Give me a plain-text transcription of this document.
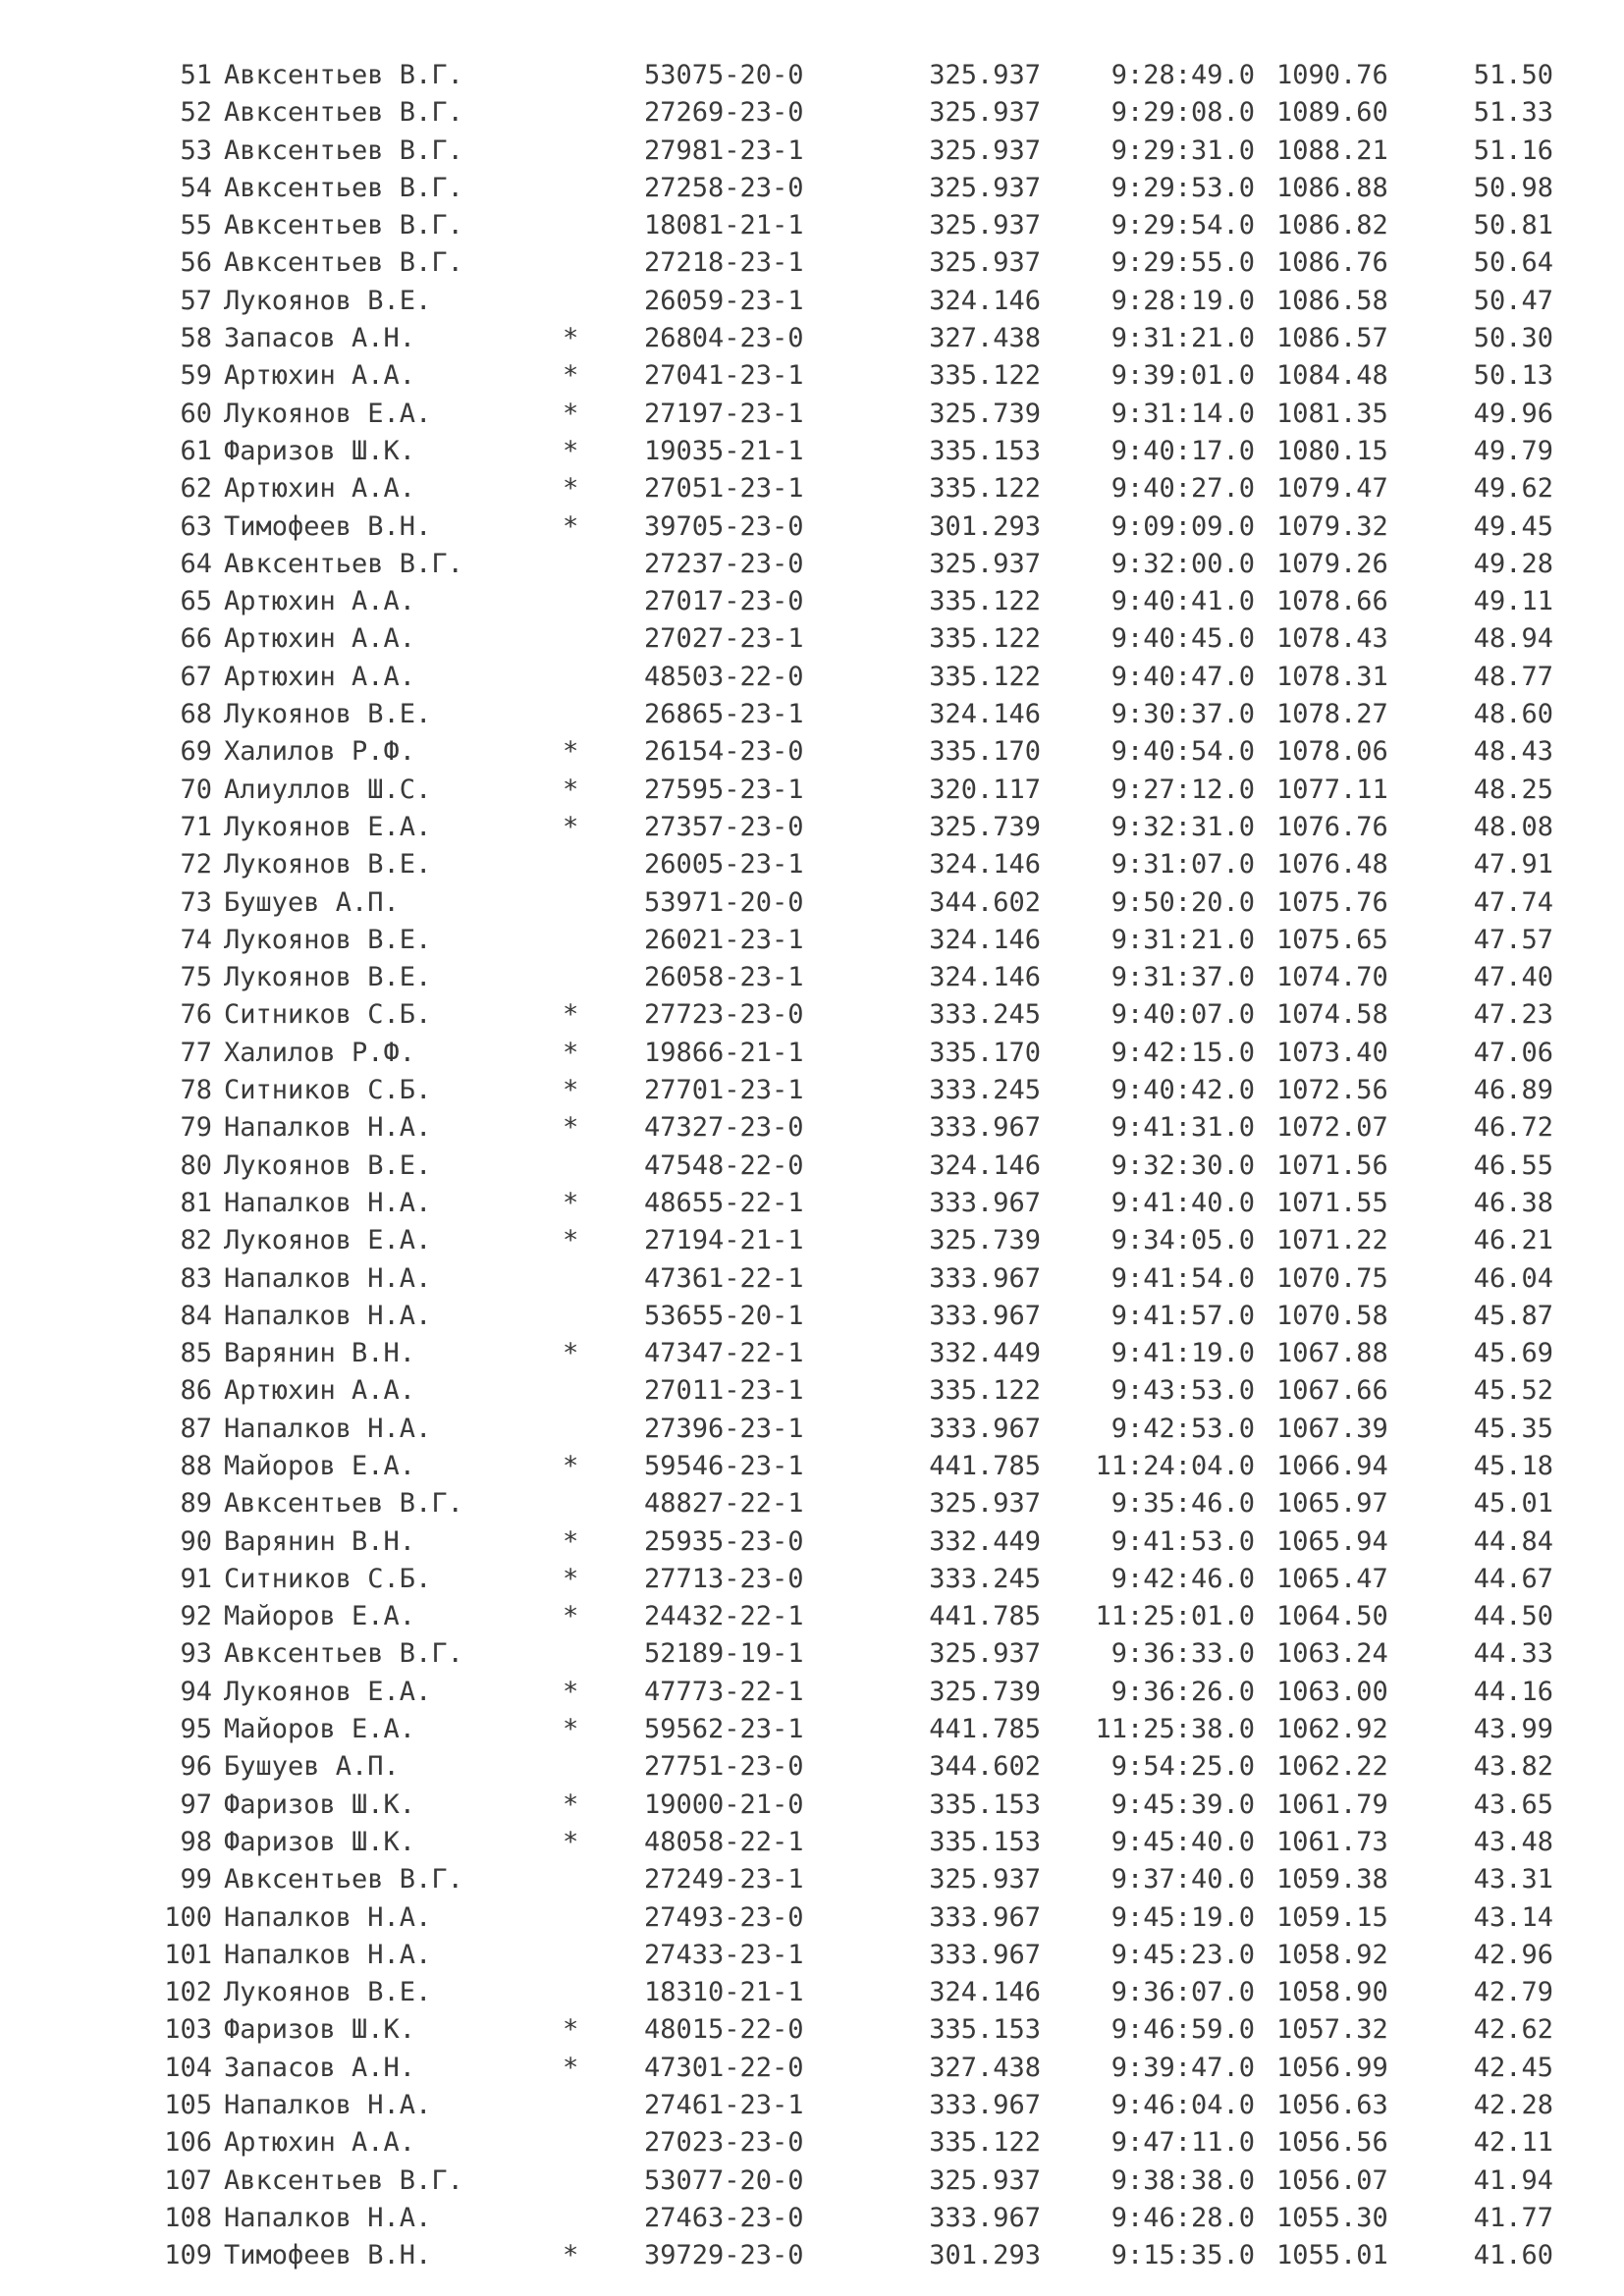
51 Авксентьев В.Г.	53075-20-0	325.937	9:28:49.0 1090.76	51.50
52 Авксентьев В.Г.	27269-23-0	325.937	9:29:08.0 1089.60	51.33
53 Авксентьев В.Г.	27981-23-1	325.937	9:29:31.0 1088.21	51.16
54 Авксентьев В.Г.	27258-23-0	325.937	9:29:53.0 1086.88	50.98
55 Авксентьев В.Г.	18081-21-1	325.937	9:29:54.0 1086.82	50.81
56 Авксентьев В.Г.	27218-23-1	325.937	9:29:55.0 1086.76	50.64
57 Лукоянов В.Е.	26059-23-1	324.146	9:28:19.0 1086.58	50.47
58 Запасов А.Н.	* 26804-23-0	327.438	9:31:21.0 1086.57	50.30
59 Артюхин А.А.	* 27041-23-1	335.122	9:39:01.0 1084.48	50.13
60 Лукоянов Е.А.	* 27197-23-1	325.739	9:31:14.0 1081.35	49.96
61 Фаризов Ш.К.	* 19035-21-1	335.153	9:40:17.0 1080.15	49.79
62 Артюхин А.А.	* 27051-23-1	335.122	9:40:27.0 1079.47	49.62
63 Тимофеев В.Н.	* 39705-23-0	301.293	9:09:09.0 1079.32	49.45
64 Авксентьев В.Г.	27237-23-0	325.937	9:32:00.0 1079.26	49.28
65 Артюхин А.А.	27017-23-0	335.122	9:40:41.0 1078.66	49.11
66 Артюхин А.А.	27027-23-1	335.122	9:40:45.0 1078.43	48.94
67 Артюхин А.А.	48503-22-0	335.122	9:40:47.0 1078.31	48.77
68 Лукоянов В.Е.	26865-23-1	324.146	9:30:37.0 1078.27	48.60
69 Халилов Р.Ф.	* 26154-23-0	335.170	9:40:54.0 1078.06	48.43
70 Алиуллов Ш.С.	* 27595-23-1	320.117	9:27:12.0 1077.11	48.25
71 Лукоянов Е.А.	* 27357-23-0	325.739	9:32:31.0 1076.76	48.08
72 Лукоянов В.Е.	26005-23-1	324.146	9:31:07.0 1076.48	47.91
73 Бушуев А.П.	53971-20-0	344.602	9:50:20.0 1075.76	47.74
74 Лукоянов В.Е.	26021-23-1	324.146	9:31:21.0 1075.65	47.57
75 Лукоянов В.Е.	26058-23-1	324.146	9:31:37.0 1074.70	47.40
76 Ситников С.Б.	* 27723-23-0	333.245	9:40:07.0 1074.58	47.23
77 Халилов Р.Ф.	* 19866-21-1	335.170	9:42:15.0 1073.40	47.06
78 Ситников С.Б.	* 27701-23-1	333.245	9:40:42.0 1072.56	46.89
79 Напалков Н.А.	* 47327-23-0	333.967	9:41:31.0 1072.07	46.72
80 Лукоянов В.Е.	47548-22-0	324.146	9:32:30.0 1071.56	46.55
81 Напалков Н.А.	* 48655-22-1	333.967	9:41:40.0 1071.55	46.38
82 Лукоянов Е.А.	* 27194-21-1	325.739	9:34:05.0 1071.22	46.21
83 Напалков Н.А.	47361-22-1	333.967	9:41:54.0 1070.75	46.04
84 Напалков Н.А.	53655-20-1	333.967	9:41:57.0 1070.58	45.87
85 Варянин В.Н.	* 47347-22-1	332.449	9:41:19.0 1067.88	45.69
86 Артюхин А.А.	27011-23-1	335.122	9:43:53.0 1067.66	45.52
87 Напалков Н.А.	27396-23-1	333.967	9:42:53.0 1067.39	45.35
88 Майоров Е.А.	* 59546-23-1	441.785	11:24:04.0 1066.94	45.18
89 Авксентьев В.Г.	48827-22-1	325.937	9:35:46.0 1065.97	45.01
90 Варянин В.Н.	* 25935-23-0	332.449	9:41:53.0 1065.94	44.84
91 Ситников С.Б.	* 27713-23-0	333.245	9:42:46.0 1065.47	44.67
92 Майоров Е.А.	* 24432-22-1	441.785	11:25:01.0 1064.50	44.50
93 Авксентьев В.Г.	52189-19-1	325.937	9:36:33.0 1063.24	44.33
94 Лукоянов Е.А.	* 47773-22-1	325.739	9:36:26.0 1063.00	44.16
95 Майоров Е.А.	* 59562-23-1	441.785	11:25:38.0 1062.92	43.99
96 Бушуев А.П.	27751-23-0	344.602	9:54:25.0 1062.22	43.82
97 Фаризов Ш.К.	* 19000-21-0	335.153	9:45:39.0 1061.79	43.65
98 Фаризов Ш.К.	* 48058-22-1	335.153	9:45:40.0 1061.73	43.48
99 Авксентьев В.Г.	27249-23-1	325.937	9:37:40.0 1059.38	43.31
100 Напалков Н.А.	27493-23-0	333.967	9:45:19.0 1059.15	43.14
101 Напалков Н.А.	27433-23-1	333.967	9:45:23.0 1058.92	42.96
102 Лукоянов В.Е.	18310-21-1	324.146	9:36:07.0 1058.90	42.79
103 Фаризов Ш.К.	* 48015-22-0	335.153	9:46:59.0 1057.32	42.62
104 Запасов А.Н.	* 47301-22-0	327.438	9:39:47.0 1056.99	42.45
105 Напалков Н.А.	27461-23-1	333.967	9:46:04.0 1056.63	42.28
106 Артюхин А.А.	27023-23-0	335.122	9:47:11.0 1056.56	42.11
107 Авксентьев В.Г.	53077-20-0	325.937	9:38:38.0 1056.07	41.94
108 Напалков Н.А.	27463-23-0	333.967	9:46:28.0 1055.30	41.77
109 Тимофеев В.Н.	* 39729-23-0	301.293	9:15:35.0 1055.01	41.60
